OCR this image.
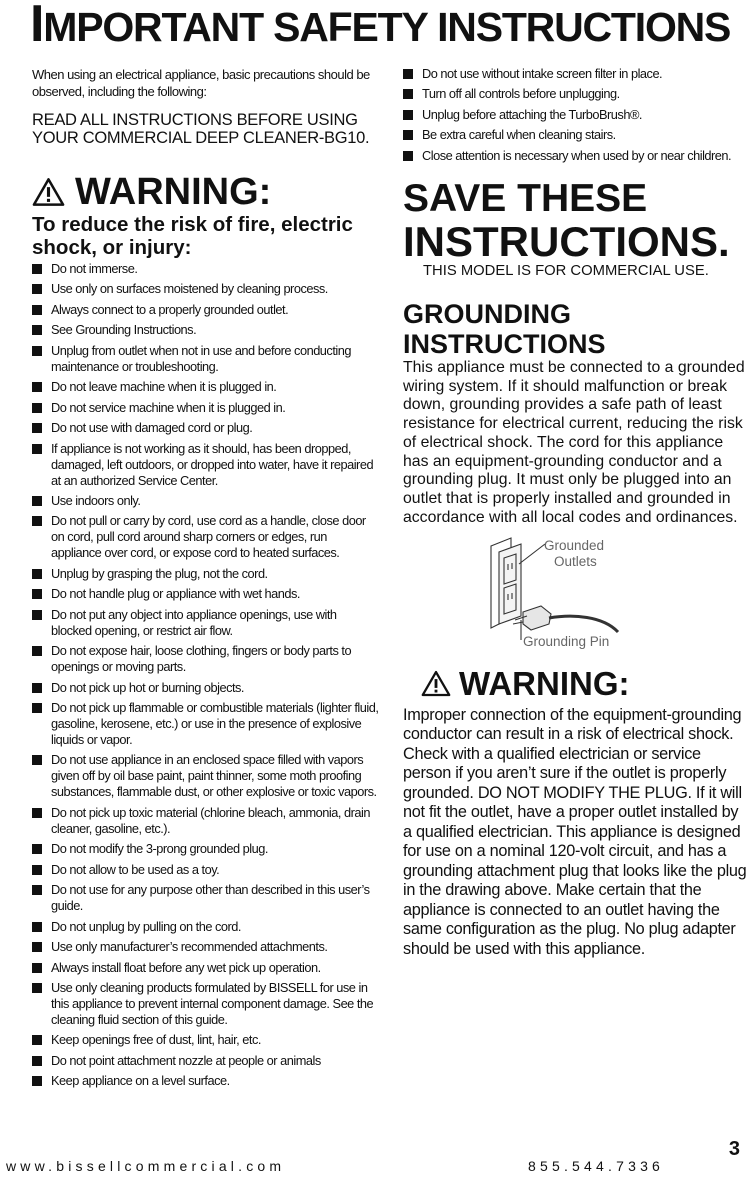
IMPORTANT SAFETY INSTRUCTIONS

When using an electrical appliance, basic precautions should be observed, including the following:

READ ALL INSTRUCTIONS BEFORE USING YOUR COMMERCIAL DEEP CLEANER-BG10.

WARNING:
To reduce the risk of fire, electric shock, or injury:
Do not immerse.
Use only on surfaces moistened by cleaning process.
Always connect to a properly grounded outlet.
See Grounding Instructions.
Unplug from outlet when not in use and before conducting maintenance or troubleshooting.
Do not leave machine when it is plugged in.
Do not service machine when it is plugged in.
Do not use with damaged cord or plug.
If appliance is not working as it should, has been dropped, damaged, left outdoors, or dropped into water, have it repaired at an authorized Service Center.
Use indoors only.
Do not pull or carry by cord, use cord as a handle, close door on cord, pull cord around sharp corners or edges, run appliance over cord, or expose cord to heated surfaces.
Unplug by grasping the plug, not the cord.
Do not handle plug or appliance with wet hands.
Do not put any object into appliance openings, use with blocked opening, or restrict air flow.
Do not expose hair, loose clothing, fingers or body parts to openings or moving parts.
Do not pick up hot or burning objects.
Do not pick up flammable or combustible materials (lighter fluid, gasoline, kerosene, etc.) or use in the presence of explosive liquids or vapor.
Do not use appliance in an enclosed space filled with vapors given off by oil base paint, paint thinner, some moth proofing substances, flammable dust, or other explosive or toxic vapors.
Do not pick up toxic material (chlorine bleach, ammonia, drain cleaner, gasoline, etc.).
Do not modify the 3-prong grounded plug.
Do not allow to be used as a toy.
Do not use for any purpose other than described in this user’s guide.
Do not unplug by pulling on the cord.
Use only manufacturer’s recommended attachments.
Always install float before any wet pick up operation.
Use only cleaning products formulated by BISSELL for use in this appliance to prevent internal component damage. See the cleaning fluid section of this guide.
Keep openings free of dust, lint, hair, etc.
Do not point attachment nozzle at people or animals
Keep appliance on a level surface.
Do not use without intake screen filter in place.
Turn off all controls before unplugging.
Unplug before attaching the TurboBrush®.
Be extra careful when cleaning stairs.
Close attention is necessary when used by or near children.
SAVE THESE
INSTRUCTIONS.

THIS MODEL IS FOR COMMERCIAL USE.

GROUNDING
INSTRUCTIONS

This appliance must be connected to a grounded wiring system. If it should malfunction or break down, grounding provides a safe path of least resistance for electrical current, reducing the risk of electrical shock. The cord for this appliance has an equipment-grounding conductor and a grounding plug. It must only be plugged into an outlet that is properly installed and grounded in accordance with all local codes and ordinances.

Grounded
Outlets
Grounding Pin
WARNING:

Improper connection of the equipment-grounding conductor can result in a risk of electrical shock. Check with a qualified electrician or service person if you aren’t sure if the outlet is properly grounded. DO NOT MODIFY THE PLUG. If it will not fit the outlet, have a proper outlet installed by a qualified electrician. This appliance is designed for use on a nominal 120-volt circuit, and has a grounding attachment plug that looks like the plug in the drawing above. Make certain that the appliance is connected to an outlet having the same configuration as the plug. No plug adapter should be used with this appliance.

3
www.bissellcommercial.com	855.544.7336
